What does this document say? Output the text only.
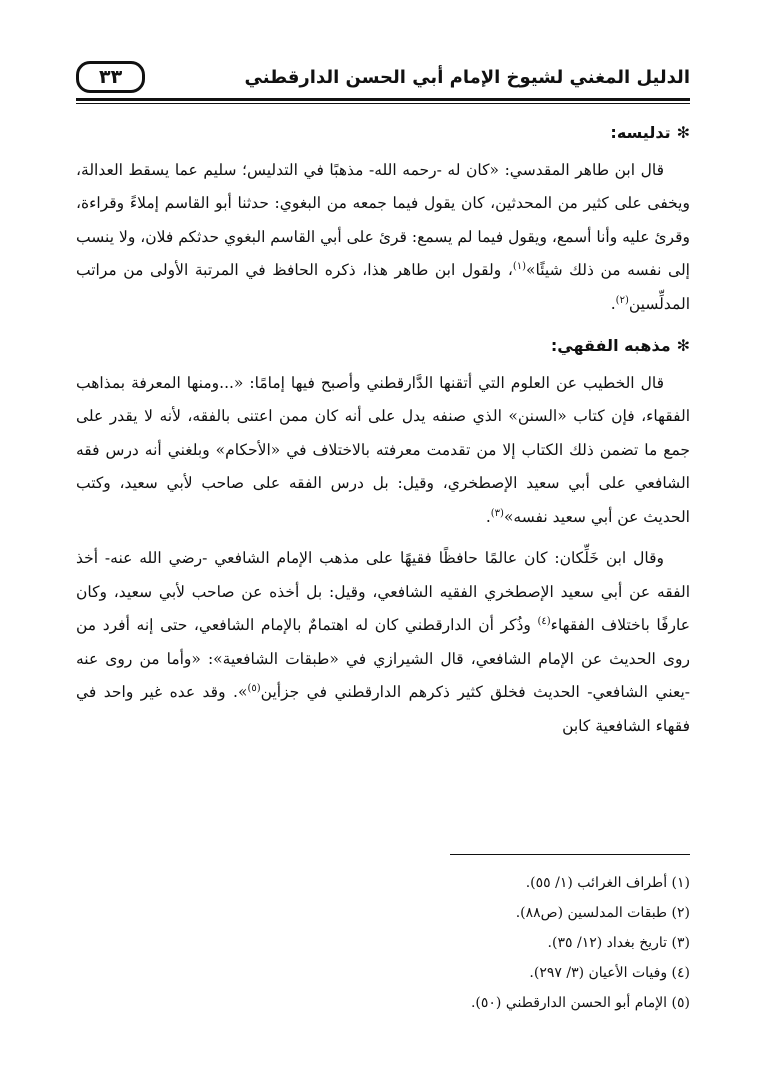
الدليل المغني لشيوخ الإمام أبي الحسن الدارقطني
٣٣
✻تدليسه:

قال ابن طاهر المقدسي: «كان له -رحمه الله- مذهبًا في التدليس؛ سليم عما يسقط العدالة، ويخفى على كثير من المحدثين، كان يقول فيما جمعه من البغوي: حدثنا أبو القاسم إملاءً وقراءة، وقرئ عليه وأنا أسمع، ويقول فيما لم يسمع: قرئ على أبي القاسم البغوي حدثكم فلان، ولا ينسب إلى نفسه من ذلك شيئًا»$^{(١)}$، ولقول ابن طاهر هذا، ذكره الحافظ في المرتبة الأولى من مراتب المدلِّسين$^{(٢)}$.

✻مذهبه الفقهي:

قال الخطيب عن العلوم التي أتقنها الدَّارقطني وأصبح فيها إمامًا: «...ومنها المعرفة بمذاهب الفقهاء، فإن كتاب «السنن» الذي صنفه يدل على أنه كان ممن اعتنى بالفقه، لأنه لا يقدر على جمع ما تضمن ذلك الكتاب إلا من تقدمت معرفته بالاختلاف في «الأحكام» وبلغني أنه درس فقه الشافعي على أبي سعيد الإصطخري، وقيل: بل درس الفقه على صاحب لأبي سعيد، وكتب الحديث عن أبي سعيد نفسه»$^{(٣)}$.

وقال ابن خَلِّكان: كان عالمًا حافظًا فقيهًا على مذهب الإمام الشافعي -رضي الله عنه- أخذ الفقه عن أبي سعيد الإصطخري الفقيه الشافعي، وقيل: بل أخذه عن صاحب لأبي سعيد، وكان عارفًا باختلاف الفقهاء$^{(٤)}$ وذُكر أن الدارقطني كان له اهتمامٌ بالإمام الشافعي، حتى إنه أفرد من روى الحديث عن الإمام الشافعي، قال الشيرازي في «طبقات الشافعية»: «وأما من روى عنه -يعني الشافعي- الحديث فخلق كثير ذكرهم الدارقطني في جزأين$^{(٥)}$». وقد عده غير واحد في فقهاء الشافعية كابن

(١) أطراف الغرائب (١/ ٥٥).
(٢) طبقات المدلسين (ص٨٨).
(٣) تاريخ بغداد (١٢/ ٣٥).
(٤) وفيات الأعيان (٣/ ٢٩٧).
(٥) الإمام أبو الحسن الدارقطني (٥٠).
